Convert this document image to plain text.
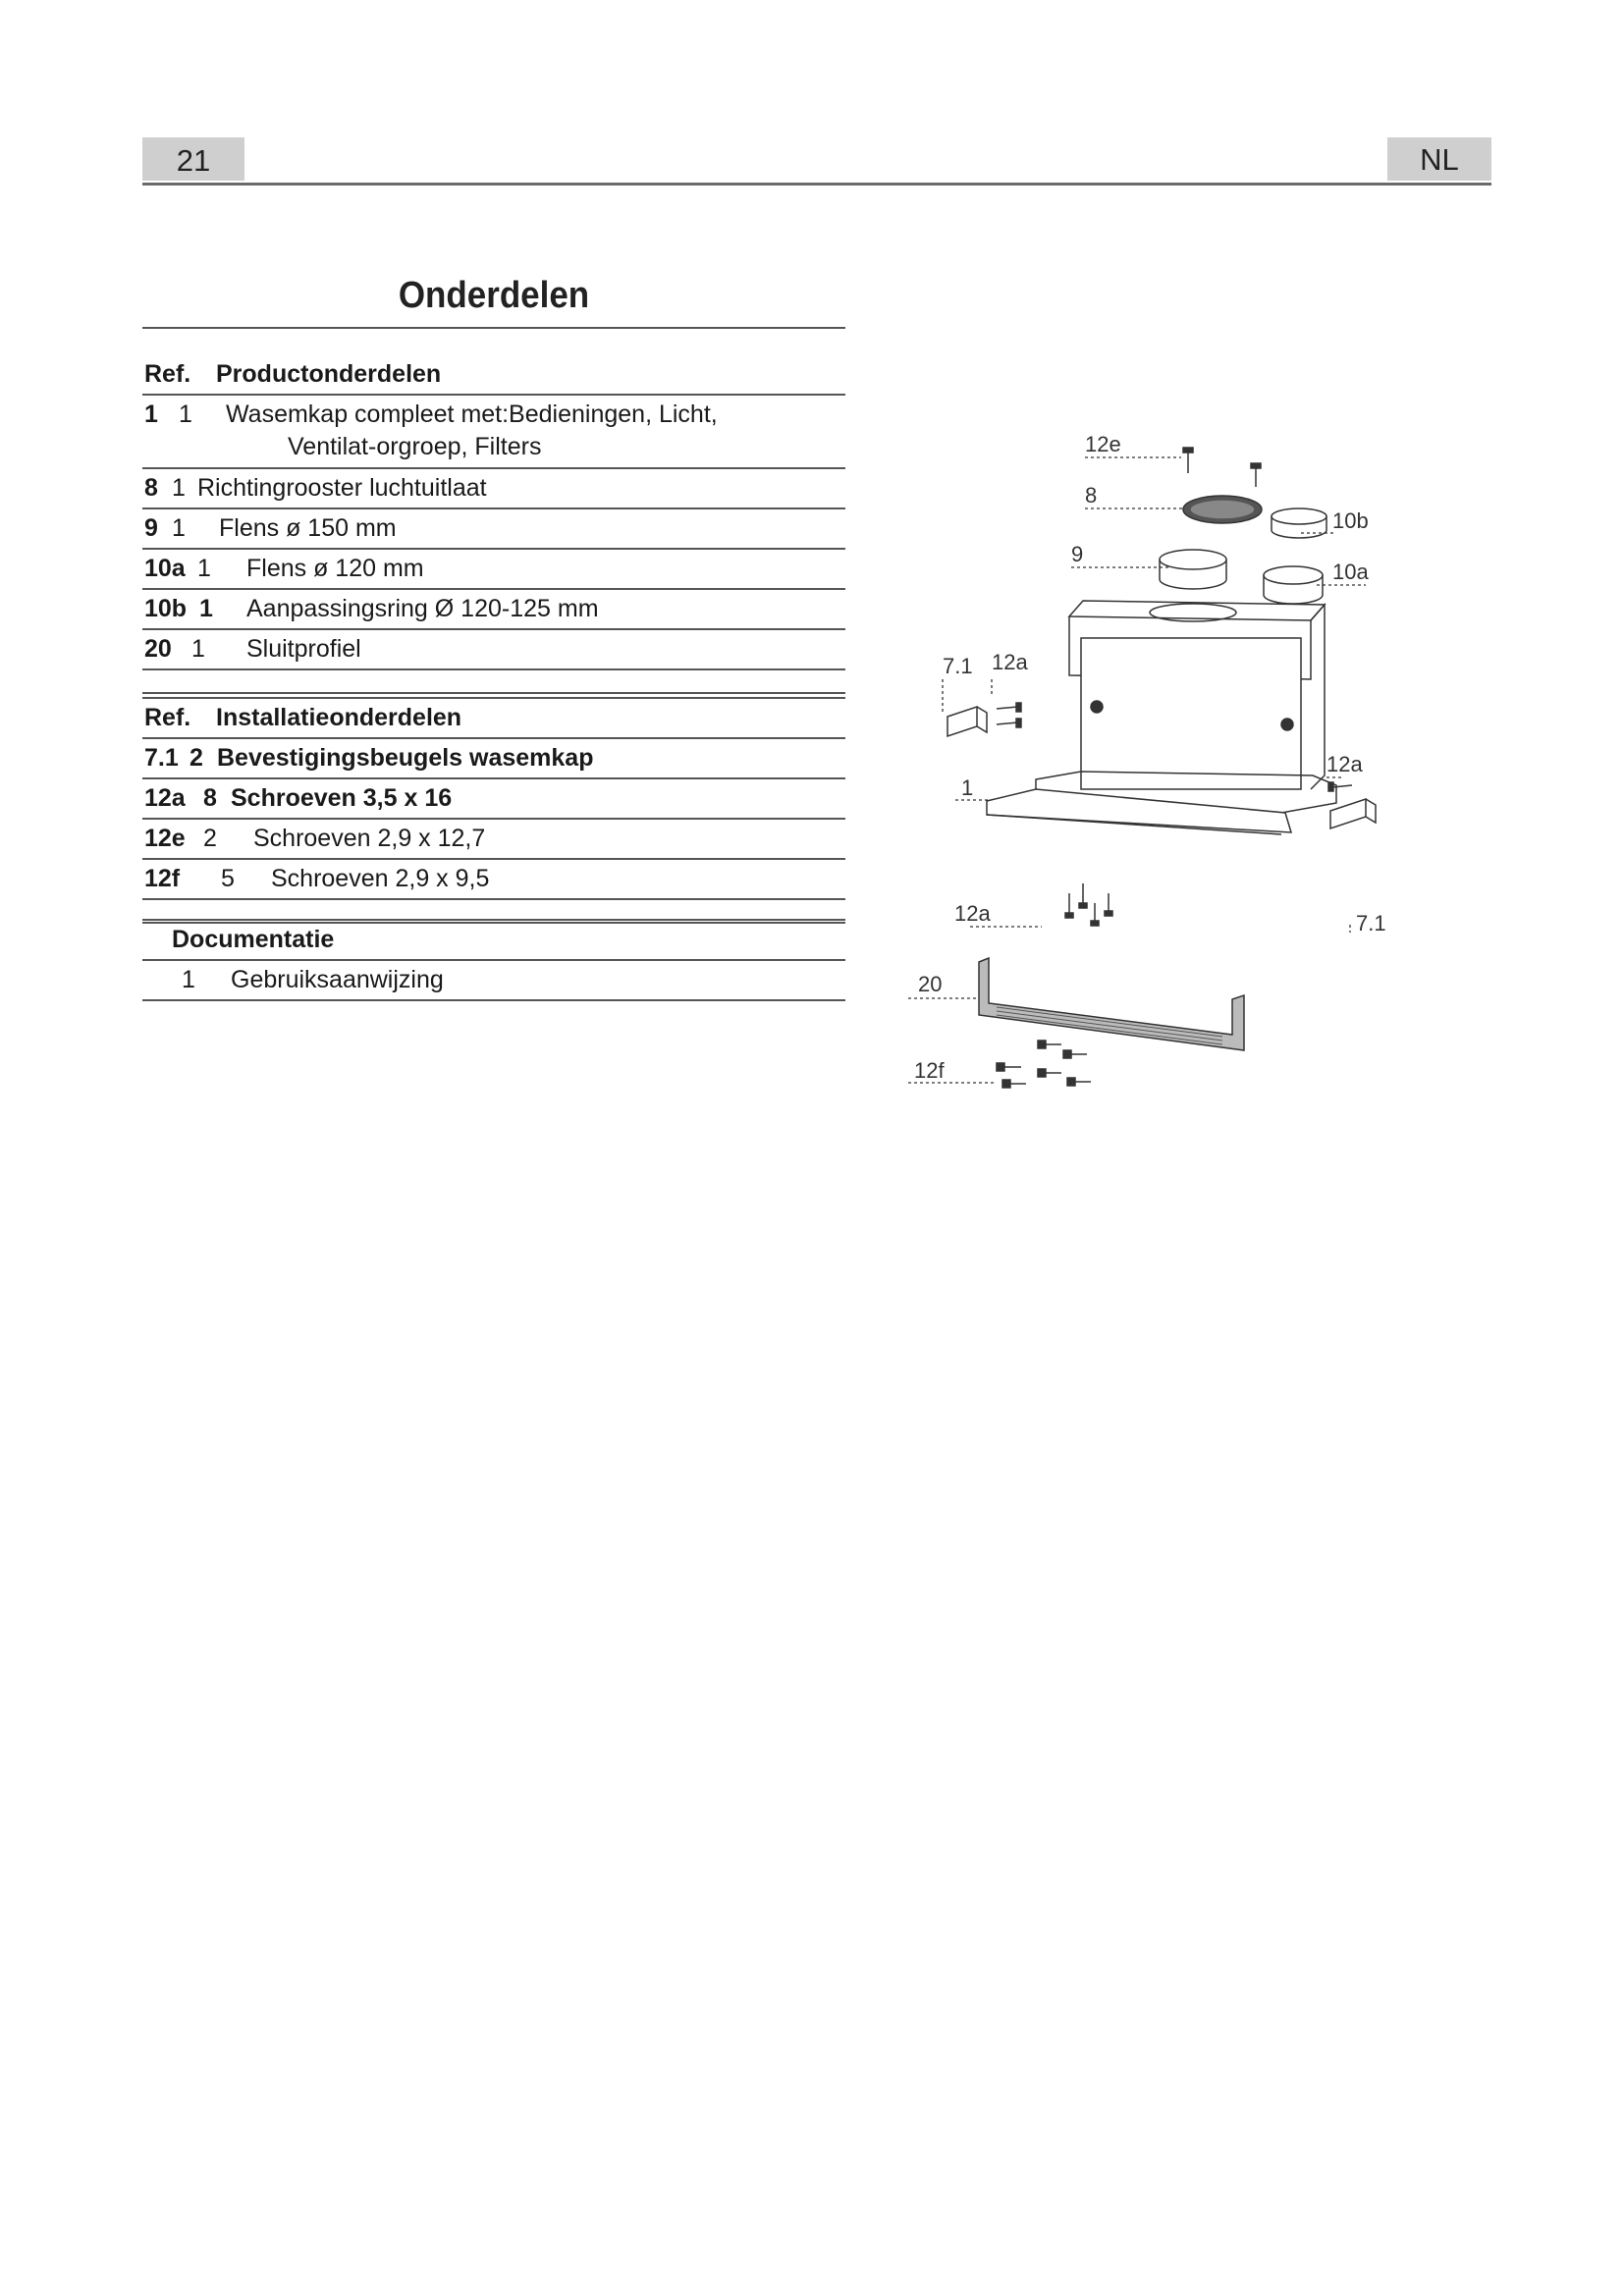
21	NL
Onderdelen
Ref. Productonderdelen
1 1 Wasemkap compleet met:Bedieningen, Licht,
Ventilat-orgroep, Filters
8 1 Richtingrooster luchtuitlaat
9 1 Flens ø 150 mm
10a 1 Flens ø 120 mm
10b 1 Aanpassingsring Ø 120-125 mm
20 1 Sluitprofiel
Ref. Installatieonderdelen
7.1 2 Bevestigingsbeugels wasemkap
12a 8 Schroeven 3,5 x 16
12e 2 Schroeven 2,9 x 12,7
12f 5 Schroeven 2,9 x 9,5
Documentatie
1 Gebruiksaanwijzing
12e
8
10b
9
10a
7.1 12a
12a
1
12a	7.1
20
12f
